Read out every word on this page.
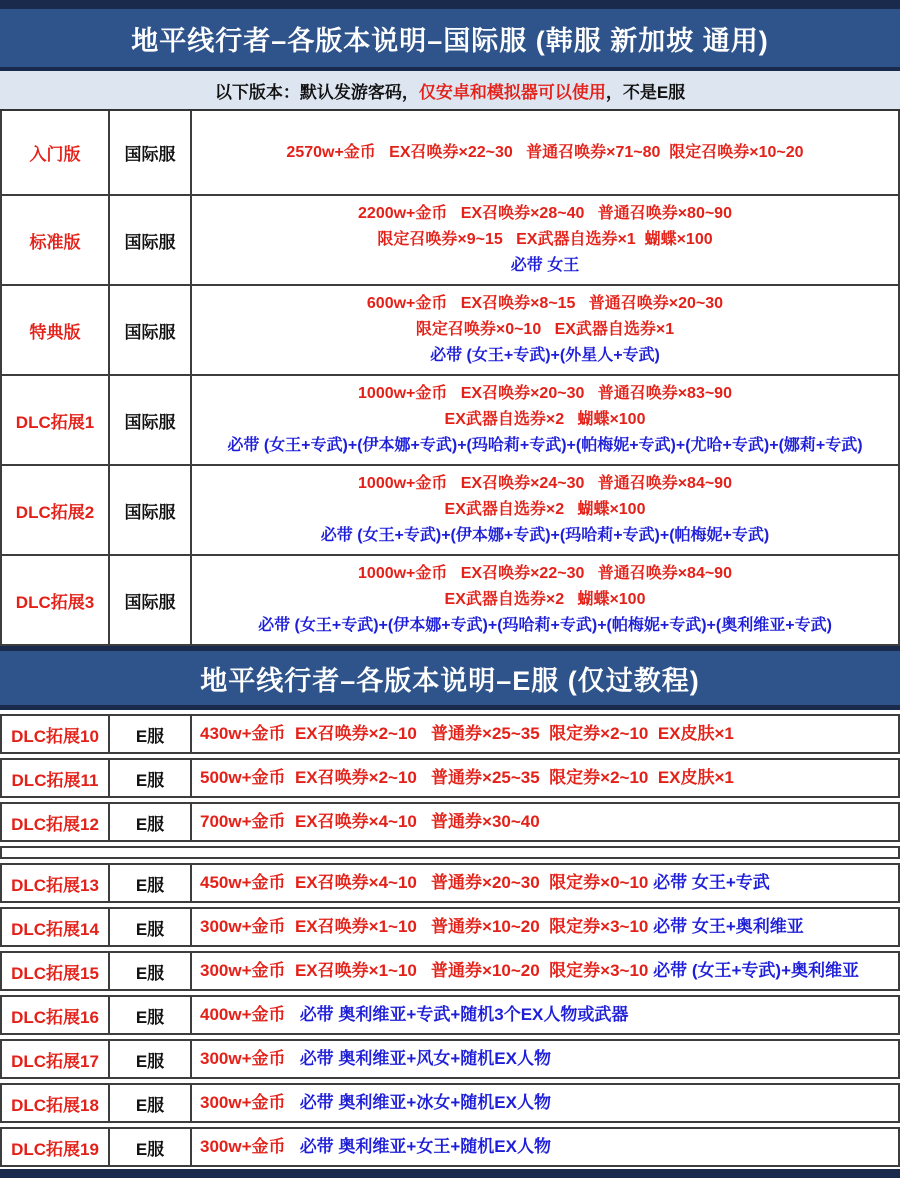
地平线行者–各版本说明–国际服 (韩服 新加坡 通用)
以下版本：默认发游客码， 仅安卓和模拟器可以使用 ，不是E服
入门版	国际服	2570w+金币   EX召唤券×22~30   普通召唤券×71~80  限定召唤券×10~20
标准版	国际服
2200w+金币   EX召唤券×28~40   普通召唤券×80~90
限定召唤券×9~15   EX武器自选券×1  蝴蝶×100
必带 女王
特典版	国际服
600w+金币   EX召唤券×8~15   普通召唤券×20~30
限定召唤券×0~10   EX武器自选券×1
必带 (女王+专武)+(外星人+专武)
DLC拓展1	国际服
1000w+金币   EX召唤券×20~30   普通召唤券×83~90
EX武器自选券×2   蝴蝶×100
必带 (女王+专武)+(伊本娜+专武)+(玛哈莉+专武)+(帕梅妮+专武)+(尤哈+专武)+(娜莉+专武)
DLC拓展2	国际服
1000w+金币   EX召唤券×24~30   普通召唤券×84~90
EX武器自选券×2   蝴蝶×100
必带 (女王+专武)+(伊本娜+专武)+(玛哈莉+专武)+(帕梅妮+专武)
DLC拓展3	国际服
1000w+金币   EX召唤券×22~30   普通召唤券×84~90
EX武器自选券×2   蝴蝶×100
必带 (女王+专武)+(伊本娜+专武)+(玛哈莉+专武)+(帕梅妮+专武)+(奥利维亚+专武)
地平线行者–各版本说明–E服 (仅过教程)
DLC拓展10	E服	430w+金币  EX召唤券×2~10   普通券×25~35  限定券×2~10  EX皮肤×1
DLC拓展11	E服	500w+金币  EX召唤券×2~10   普通券×25~35  限定券×2~10  EX皮肤×1
DLC拓展12	E服	700w+金币  EX召唤券×4~10   普通券×30~40
DLC拓展13	E服	450w+金币  EX召唤券×4~10   普通券×20~30  限定券×0~10 必带 女王+专武
DLC拓展14	E服	300w+金币  EX召唤券×1~10   普通券×10~20  限定券×3~10 必带 女王+奥利维亚
DLC拓展15	E服	300w+金币  EX召唤券×1~10   普通券×10~20  限定券×3~10 必带 (女王+专武)+奥利维亚
DLC拓展16	E服	400w+金币   必带 奥利维亚+专武+随机3个EX人物或武器
DLC拓展17	E服	300w+金币   必带 奥利维亚+风女+随机EX人物
DLC拓展18	E服	300w+金币   必带 奥利维亚+冰女+随机EX人物
DLC拓展19	E服	300w+金币   必带 奥利维亚+女王+随机EX人物
